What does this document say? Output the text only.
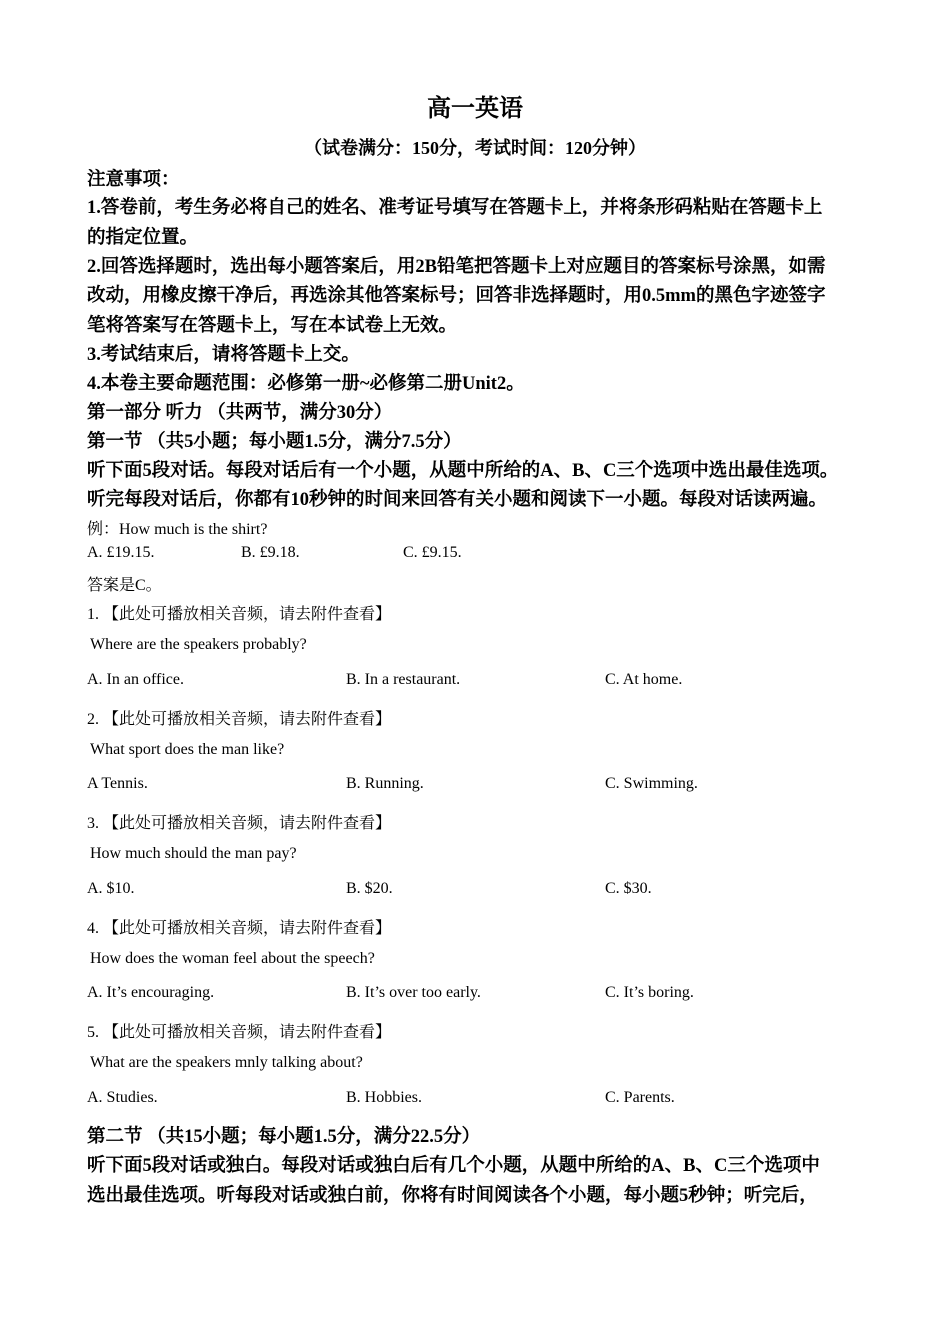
高一英语
（试卷满分：150分，考试时间：120分钟）
注意事项：
1.答卷前，考生务必将自己的姓名、准考证号填写在答题卡上，并将条形码粘贴在答题卡上
的指定位置。
2.回答选择题时，选出每小题答案后，用2B铅笔把答题卡上对应题目的答案标号涂黑，如需
改动，用橡皮擦干净后，再选涂其他答案标号；回答非选择题时，用0.5mm的黑色字迹签字
笔将答案写在答题卡上，写在本试卷上无效。
3.考试结束后，请将答题卡上交。
4.本卷主要命题范围：必修第一册~必修第二册Unit2。
第一部分 听力 （共两节，满分30分）
第一节 （共5小题；每小题1.5分，满分7.5分）
听下面5段对话。每段对话后有一个小题，从题中所给的A、B、C三个选项中选出最佳选项。
听完每段对话后，你都有10秒钟的时间来回答有关小题和阅读下一小题。每段对话读两遍。
例：How much is the shirt?
A. £19.15.	B. £9.18.	C. £9.15.
答案是C。
1. 【此处可播放相关音频，请去附件查看】
Where are the speakers probably?
A. In an office.	B. In a restaurant.	C. At home.
2. 【此处可播放相关音频，请去附件查看】
What sport does the man like?
A Tennis.	B. Running.	C. Swimming.
3. 【此处可播放相关音频，请去附件查看】
How much should the man pay?
A. $10.	B. $20.	C. $30.
4. 【此处可播放相关音频，请去附件查看】
How does the woman feel about the speech?
A. It’s encouraging.	B. It’s over too early.	C. It’s boring.
5. 【此处可播放相关音频，请去附件查看】
What are the speakers mnly talking about?
A. Studies.	B. Hobbies.	C. Parents.
第二节 （共15小题；每小题1.5分，满分22.5分）
听下面5段对话或独白。每段对话或独白后有几个小题，从题中所给的A、B、C三个选项中
选出最佳选项。听每段对话或独白前，你将有时间阅读各个小题，每小题5秒钟；听完后，
